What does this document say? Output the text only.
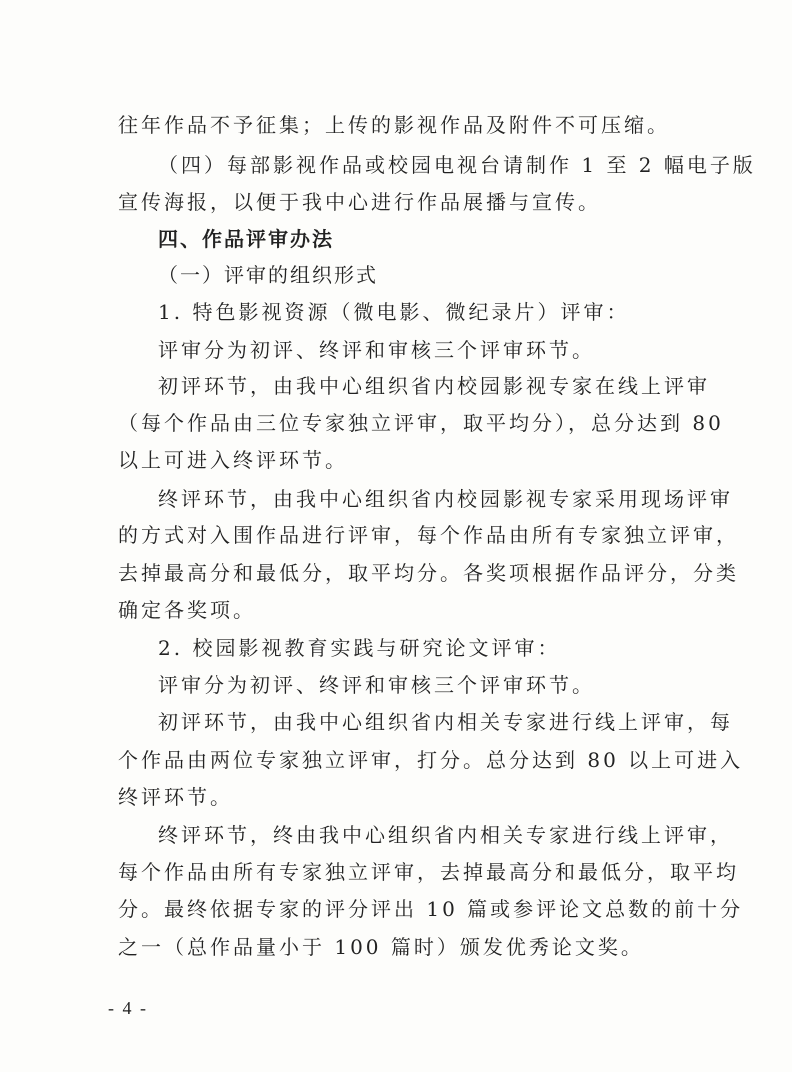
往年作品不予征集；上传的影视作品及附件不可压缩。
（四）每部影视作品或校园电视台请制作 1 至 2 幅电子版
宣传海报，以便于我中心进行作品展播与宣传。
四、作品评审办法
（一）评审的组织形式
1. 特色影视资源（微电影、微纪录片）评审：
评审分为初评、终评和审核三个评审环节。
初评环节，由我中心组织省内校园影视专家在线上评审
（每个作品由三位专家独立评审，取平均分），总分达到 80
以上可进入终评环节。
终评环节，由我中心组织省内校园影视专家采用现场评审
的方式对入围作品进行评审，每个作品由所有专家独立评审，
去掉最高分和最低分，取平均分。各奖项根据作品评分，分类
确定各奖项。
2. 校园影视教育实践与研究论文评审：
评审分为初评、终评和审核三个评审环节。
初评环节，由我中心组织省内相关专家进行线上评审，每
个作品由两位专家独立评审，打分。总分达到 80 以上可进入
终评环节。
终评环节，终由我中心组织省内相关专家进行线上评审，
每个作品由所有专家独立评审，去掉最高分和最低分，取平均
分。最终依据专家的评分评出 10 篇或参评论文总数的前十分
之一（总作品量小于 100 篇时）颁发优秀论文奖。
- 4 -
